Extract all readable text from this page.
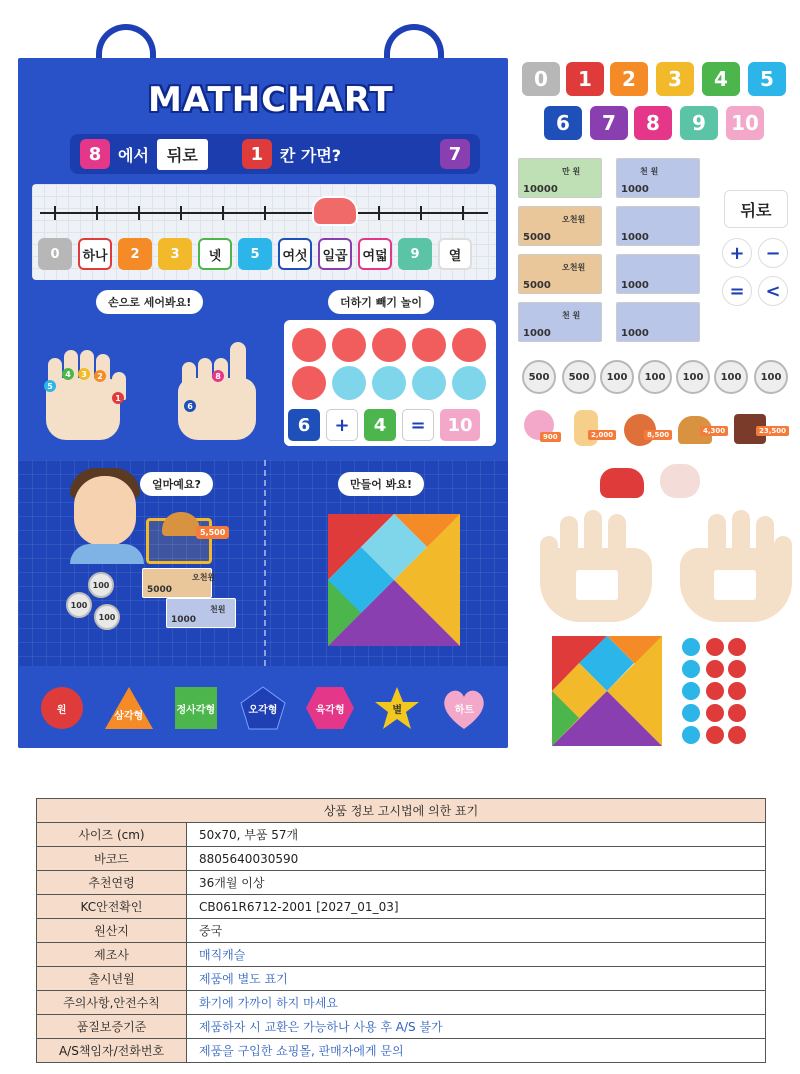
MATHCHART
8	에서	뒤로	1	칸 가면?	7
0	하나	2	3	넷	5	여섯	일곱	여덟	9	열
손으로 세어봐요!	더하기 빼기 놀이
5
4	3	2
1
8
6
6	+	4	=	10
얼마예요?	만들어 봐요!
5,500
5000
1000
오천원
천원
100
100
100
원
삼각형
정사각형	오각형	육각형	별	하트
0	1	2	3	4	5
6	7	8	9	10
10000
5000
5000
1000
1000
1000
1000
1000
만 원
오천원
오천원
천 원
천 원
뒤로
+	−
=	<
500	500	100	100	100	100	100
900	2,000	8,500	4,300	23,500
상품 정보 고시법에 의한 표기	
사이즈 (cm)	50x70, 부품 57개
바코드	8805640030590
추천연령	36개월 이상
KC안전확인	CB061R6712-2001 [2027_01_03]
원산지	중국
제조사	매직캐슬
출시년월	제품에 별도 표기
주의사항,안전수칙	화기에 가까이 하지 마세요
품질보증기준	제품하자 시 교환은 가능하나 사용 후 A/S 불가
A/S책임자/전화번호	제품을 구입한 쇼핑몰, 판매자에게 문의
